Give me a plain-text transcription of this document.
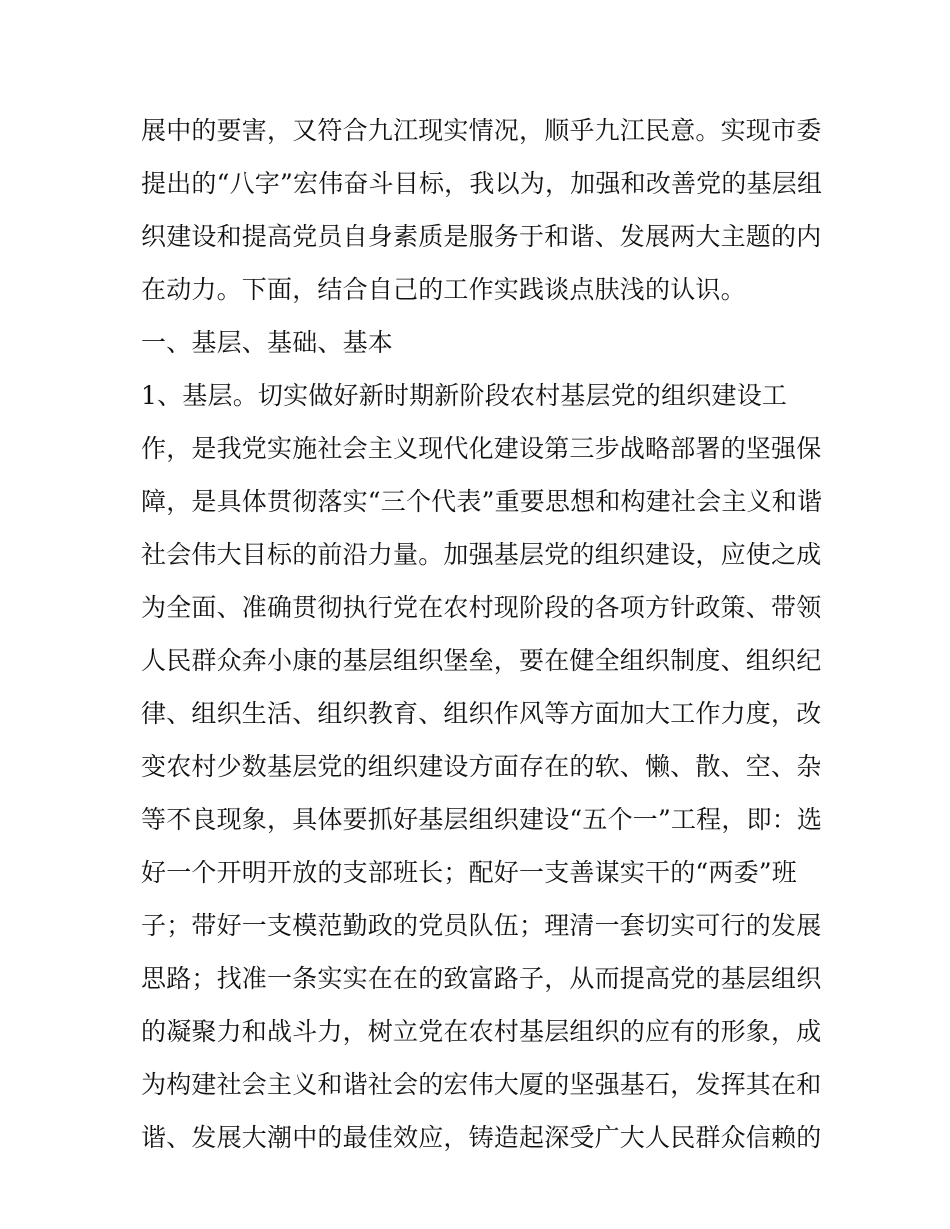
展中的要害，又符合九江现实情况，顺乎九江民意。实现市委
提出的“八字”宏伟奋斗目标，我以为，加强和改善党的基层组
织建设和提高党员自身素质是服务于和谐、发展两大主题的内
在动力。下面，结合自己的工作实践谈点肤浅的认识。
一、基层、基础、基本
1、基层。切实做好新时期新阶段农村基层党的组织建设工
作，是我党实施社会主义现代化建设第三步战略部署的坚强保
障，是具体贯彻落实“三个代表”重要思想和构建社会主义和谐
社会伟大目标的前沿力量。加强基层党的组织建设，应使之成
为全面、准确贯彻执行党在农村现阶段的各项方针政策、带领
人民群众奔小康的基层组织堡垒，要在健全组织制度、组织纪
律、组织生活、组织教育、组织作风等方面加大工作力度，改
变农村少数基层党的组织建设方面存在的软、懒、散、空、杂
等不良现象，具体要抓好基层组织建设“五个一”工程，即：选
好一个开明开放的支部班长；配好一支善谋实干的“两委”班
子；带好一支模范勤政的党员队伍；理清一套切实可行的发展
思路；找准一条实实在在的致富路子，从而提高党的基层组织
的凝聚力和战斗力，树立党在农村基层组织的应有的形象，成
为构建社会主义和谐社会的宏伟大厦的坚强基石，发挥其在和
谐、发展大潮中的最佳效应，铸造起深受广大人民群众信赖的
